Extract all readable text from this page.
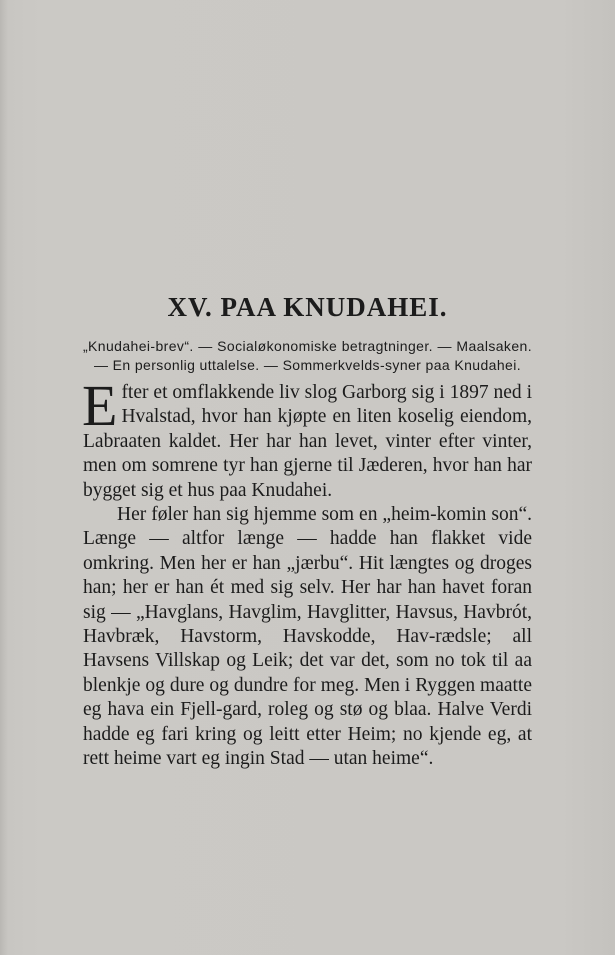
XV. PAA KNUDAHEI.
„Knudahei-brev“. — Socialøkonomiske betragtninger. — Maalsaken. — En personlig uttalelse. — Sommerkvelds-syner paa Knudahei.

Efter et omflakkende liv slog Garborg sig i 1897 ned i Hvalstad, hvor han kjøpte en liten koselig eiendom, Labraaten kaldet. Her har han levet, vinter efter vinter, men om somrene tyr han gjerne til Jæderen, hvor han har bygget sig et hus paa Knudahei.

Her føler han sig hjemme som en „heim-komin son“. Længe — altfor længe — hadde han flakket vide omkring. Men her er han „jærbu“. Hit længtes og droges han; her er han ét med sig selv. Her har han havet foran sig — „Havglans, Havglim, Havglitter, Havsus, Havbrót, Havbræk, Havstorm, Havskodde, Hav-rædsle; all Havsens Villskap og Leik; det var det, som no tok til aa blenkje og dure og dundre for meg. Men i Ryggen maatte eg hava ein Fjell-gard, roleg og stø og blaa. Halve Verdi hadde eg fari kring og leitt etter Heim; no kjende eg, at rett heime vart eg ingin Stad — utan heime“.
